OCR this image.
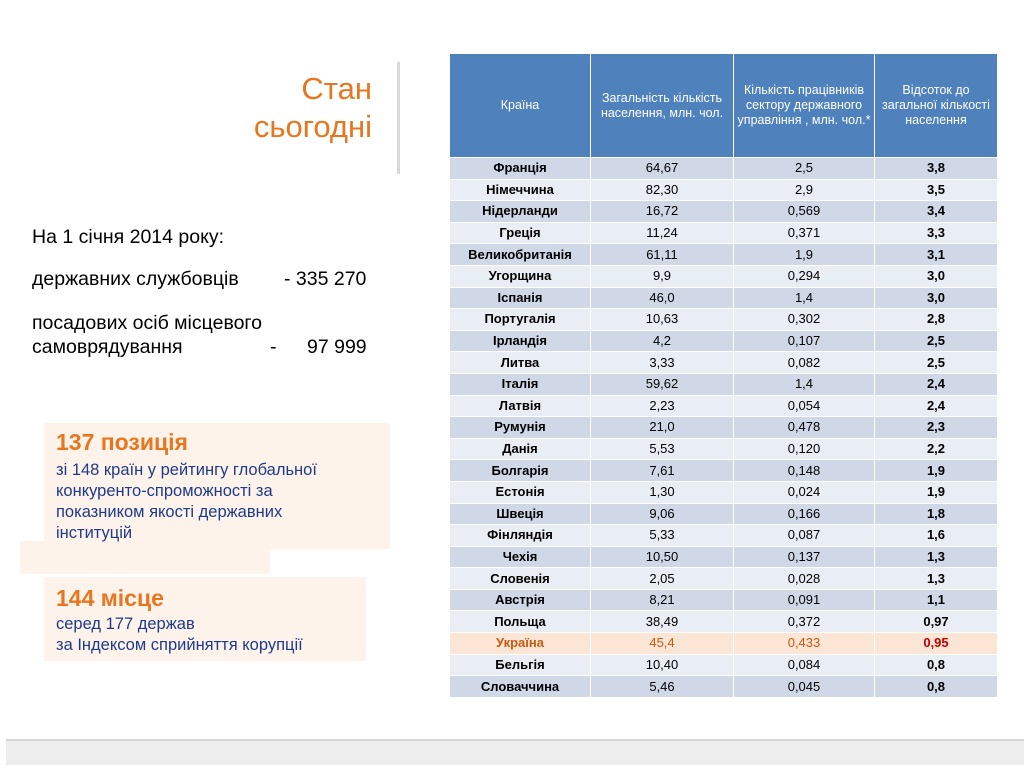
Стан
сьогодні
На 1 січня 2014 року:
державних службовців - 335 270
посадових осіб місцевого
самоврядування	- 97 999
137 позиція
зі 148 країн у рейтингу глобальної
конкуренто-спроможності за
показником якості державних
інституцій
144 місце
серед 177 держав
за Індексом сприйняття корупції
Країна	Загальність кількість населення, млн. чол.	Кількість працівників сектору державного управління , млн. чол.*	Відсоток до загальної кількості населення
Франція	64,67	2,5	3,8
Німеччина	82,30	2,9	3,5
Нідерланди	16,72	0,569	3,4
Греція	11,24	0,371	3,3
Великобританія	61,11	1,9	3,1
Угорщина	9,9	0,294	3,0
Іспанія	46,0	1,4	3,0
Португалія	10,63	0,302	2,8
Ірландія	4,2	0,107	2,5
Литва	3,33	0,082	2,5
Італія	59,62	1,4	2,4
Латвія	2,23	0,054	2,4
Румунія	21,0	0,478	2,3
Данія	5,53	0,120	2,2
Болгарія	7,61	0,148	1,9
Естонія	1,30	0,024	1,9
Швеція	9,06	0,166	1,8
Фінляндія	5,33	0,087	1,6
Чехія	10,50	0,137	1,3
Словенія	2,05	0,028	1,3
Австрія	8,21	0,091	1,1
Польща	38,49	0,372	0,97
Україна	45,4	0,433	0,95
Бельгія	10,40	0,084	0,8
Словаччина	5,46	0,045	0,8
